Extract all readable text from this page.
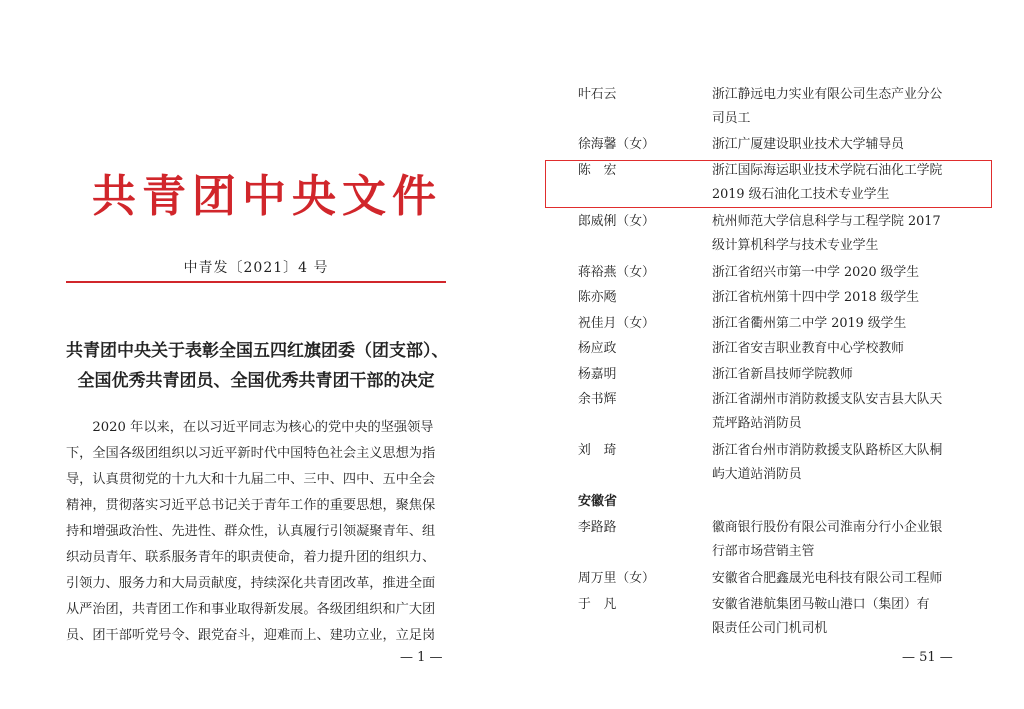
共青团中央文件
中青发〔2021〕4 号
共青团中央关于表彰全国五四红旗团委（团支部）、
全国优秀共青团员、全国优秀共青团干部的决定
　　2020 年以来，在以习近平同志为核心的党中央的坚强领导
下，全国各级团组织以习近平新时代中国特色社会主义思想为指
导，认真贯彻党的十九大和十九届二中、三中、四中、五中全会
精神，贯彻落实习近平总书记关于青年工作的重要思想，聚焦保
持和增强政治性、先进性、群众性，认真履行引领凝聚青年、组
织动员青年、联系服务青年的职责使命，着力提升团的组织力、
引领力、服务力和大局贡献度，持续深化共青团改革，推进全面
从严治团，共青团工作和事业取得新发展。各级团组织和广大团
员、团干部听党号令、跟党奋斗，迎难而上、建功立业，立足岗
— 1 —
叶石云	浙江静远电力实业有限公司生态产业分公
司员工
徐海馨（女）	浙江广厦建设职业技术大学辅导员
陈　宏	浙江国际海运职业技术学院石油化工学院
2019 级石油化工技术专业学生
郎威俐（女）	杭州师范大学信息科学与工程学院 2017
级计算机科学与技术专业学生
蒋裕燕（女）	浙江省绍兴市第一中学 2020 级学生
陈亦飏	浙江省杭州第十四中学 2018 级学生
祝佳月（女）	浙江省衢州第二中学 2019 级学生
杨应政	浙江省安吉职业教育中心学校教师
杨嘉明	浙江省新昌技师学院教师
余书辉	浙江省湖州市消防救援支队安吉县大队天
荒坪路站消防员
刘　琦	浙江省台州市消防救援支队路桥区大队桐
屿大道站消防员
安徽省
李路路	徽商银行股份有限公司淮南分行小企业银
行部市场营销主管
周万里（女）	安徽省合肥鑫晟光电科技有限公司工程师
于　凡	安徽省港航集团马鞍山港口（集团）有
限责任公司门机司机
— 51 —
